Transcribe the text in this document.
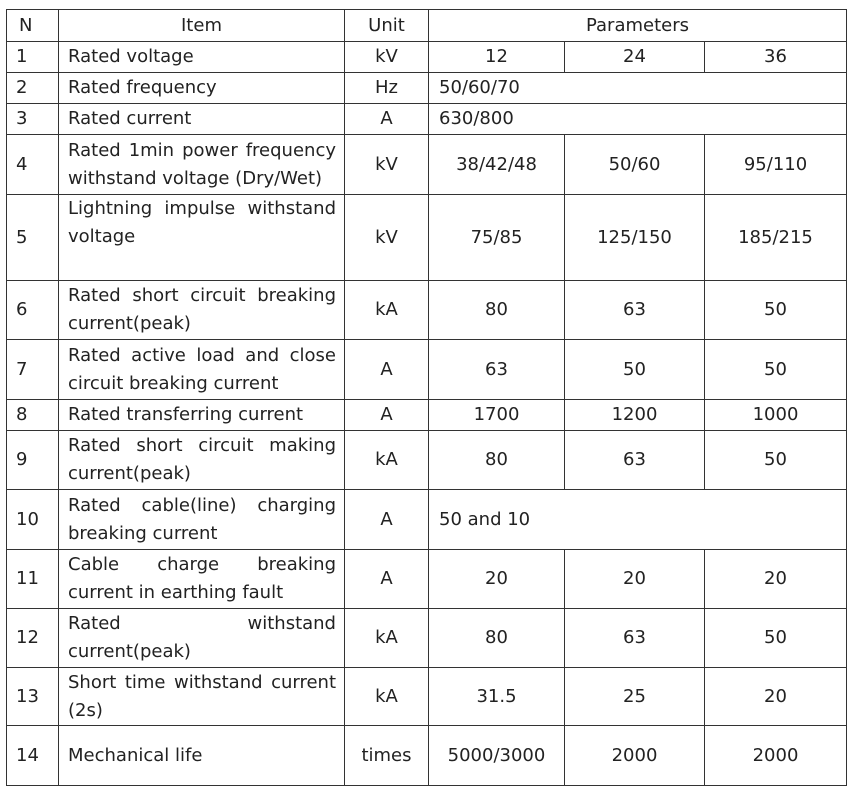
N	Item	Unit	Parameters		
1	Rated voltage	kV	12	24	36
2	Rated frequency	Hz	50/60/70		
3	Rated current	A	630/800		
4	Rated 1min power frequency withstand voltage (Dry/Wet)	kV	38/42/48	50/60	95/110
5	Lightning impulse withstand voltage	kV	75/85	125/150	185/215
6	Rated short circuit breaking current(peak)	kA	80	63	50
7	Rated active load and close circuit breaking current	A	63	50	50
8	Rated transferring current	A	1700	1200	1000
9	Rated short circuit making current(peak)	kA	80	63	50
10	Rated cable(line) charging breaking current	A	50 and 10		
11	Cable charge breaking current in earthing fault	A	20	20	20
12	Rated withstand current(peak)	kA	80	63	50
13	Short time withstand current (2s)	kA	31.5	25	20
14	Mechanical life	times	5000/3000	2000	2000
